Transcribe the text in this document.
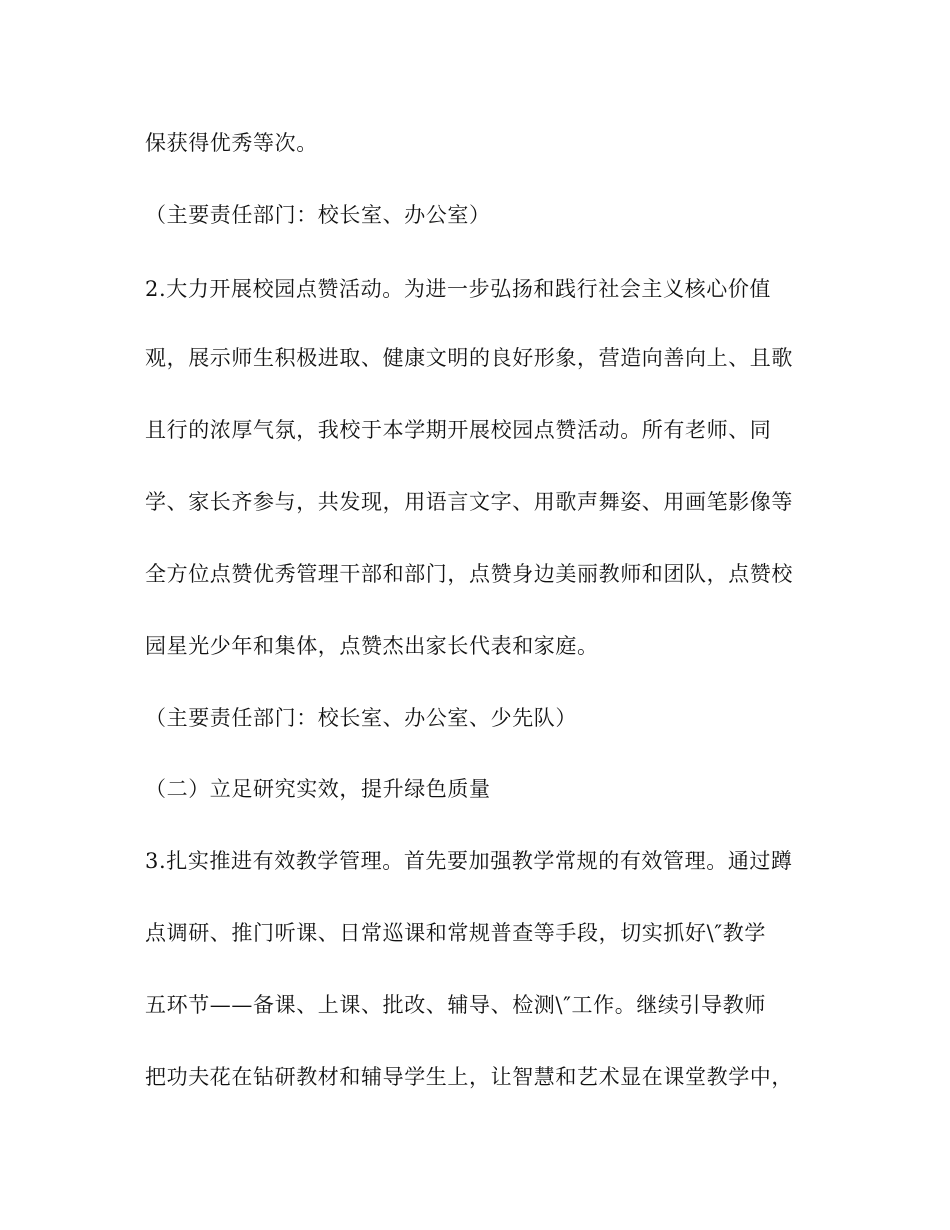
保获得优秀等次。
（主要责任部门：校长室、办公室）
2.大力开展校园点赞活动。为进一步弘扬和践行社会主义核心价值
观，展示师生积极进取、健康文明的良好形象，营造向善向上、且歌
且行的浓厚气氛，我校于本学期开展校园点赞活动。所有老师、同
学、家长齐参与，共发现，用语言文字、用歌声舞姿、用画笔影像等
全方位点赞优秀管理干部和部门，点赞身边美丽教师和团队，点赞校
园星光少年和集体，点赞杰出家长代表和家庭。
（主要责任部门：校长室、办公室、少先队）
（二）立足研究实效，提升绿色质量
3.扎实推进有效教学管理。首先要加强教学常规的有效管理。通过蹲
点调研、推门听课、日常巡课和常规普查等手段，切实抓好\″教学
五环节——备课、上课、批改、辅导、检测\″工作。继续引导教师
把功夫花在钻研教材和辅导学生上，让智慧和艺术显在课堂教学中，
